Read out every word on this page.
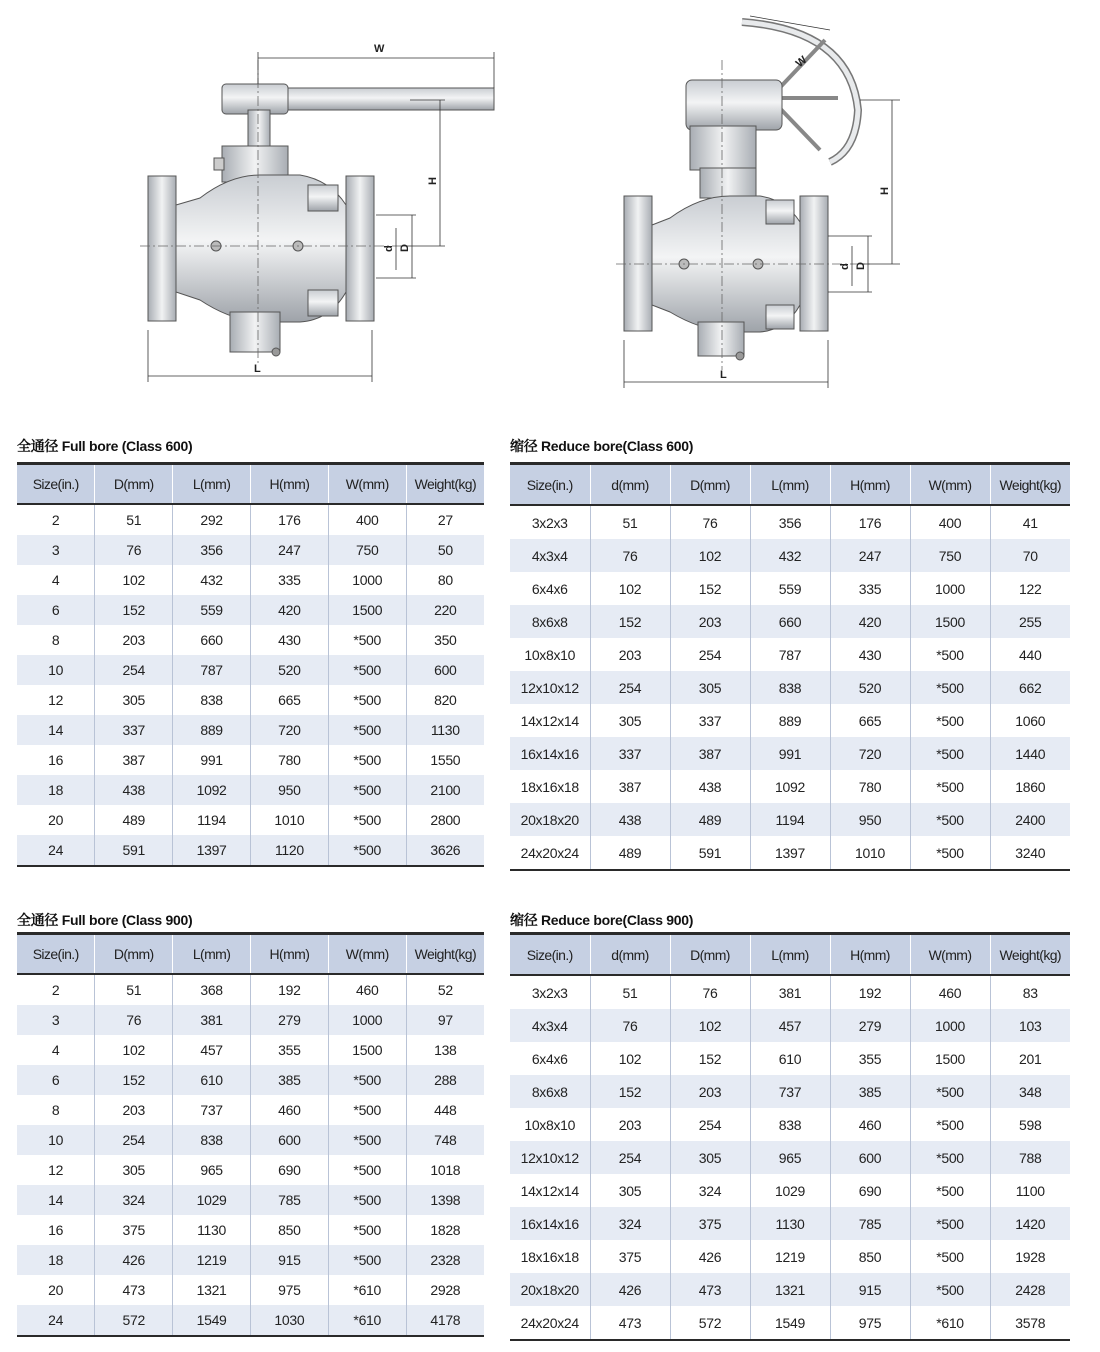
W
H
d D
L
W
H
d D
L
全通径 Full bore (Class 600)	缩径 Reduce bore(Class 600)
全通径 Full bore (Class 900)	缩径 Reduce bore(Class 900)
Size(in.)	D(mm)	L(mm)	H(mm)	W(mm)	Weight(kg)
2	51	292	176	400	27
3	76	356	247	750	50
4	102	432	335	1000	80
6	152	559	420	1500	220
8	203	660	430	*500	350
10	254	787	520	*500	600
12	305	838	665	*500	820
14	337	889	720	*500	1130
16	387	991	780	*500	1550
18	438	1092	950	*500	2100
20	489	1194	1010	*500	2800
24	591	1397	1120	*500	3626
Size(in.)	d(mm)	D(mm)	L(mm)	H(mm)	W(mm)	Weight(kg)
3x2x3	51	76	356	176	400	41
4x3x4	76	102	432	247	750	70
6x4x6	102	152	559	335	1000	122
8x6x8	152	203	660	420	1500	255
10x8x10	203	254	787	430	*500	440
12x10x12	254	305	838	520	*500	662
14x12x14	305	337	889	665	*500	1060
16x14x16	337	387	991	720	*500	1440
18x16x18	387	438	1092	780	*500	1860
20x18x20	438	489	1194	950	*500	2400
24x20x24	489	591	1397	1010	*500	3240
Size(in.)	D(mm)	L(mm)	H(mm)	W(mm)	Weight(kg)
2	51	368	192	460	52
3	76	381	279	1000	97
4	102	457	355	1500	138
6	152	610	385	*500	288
8	203	737	460	*500	448
10	254	838	600	*500	748
12	305	965	690	*500	1018
14	324	1029	785	*500	1398
16	375	1130	850	*500	1828
18	426	1219	915	*500	2328
20	473	1321	975	*610	2928
24	572	1549	1030	*610	4178
Size(in.)	d(mm)	D(mm)	L(mm)	H(mm)	W(mm)	Weight(kg)
3x2x3	51	76	381	192	460	83
4x3x4	76	102	457	279	1000	103
6x4x6	102	152	610	355	1500	201
8x6x8	152	203	737	385	*500	348
10x8x10	203	254	838	460	*500	598
12x10x12	254	305	965	600	*500	788
14x12x14	305	324	1029	690	*500	1100
16x14x16	324	375	1130	785	*500	1420
18x16x18	375	426	1219	850	*500	1928
20x18x20	426	473	1321	915	*500	2428
24x20x24	473	572	1549	975	*610	3578
